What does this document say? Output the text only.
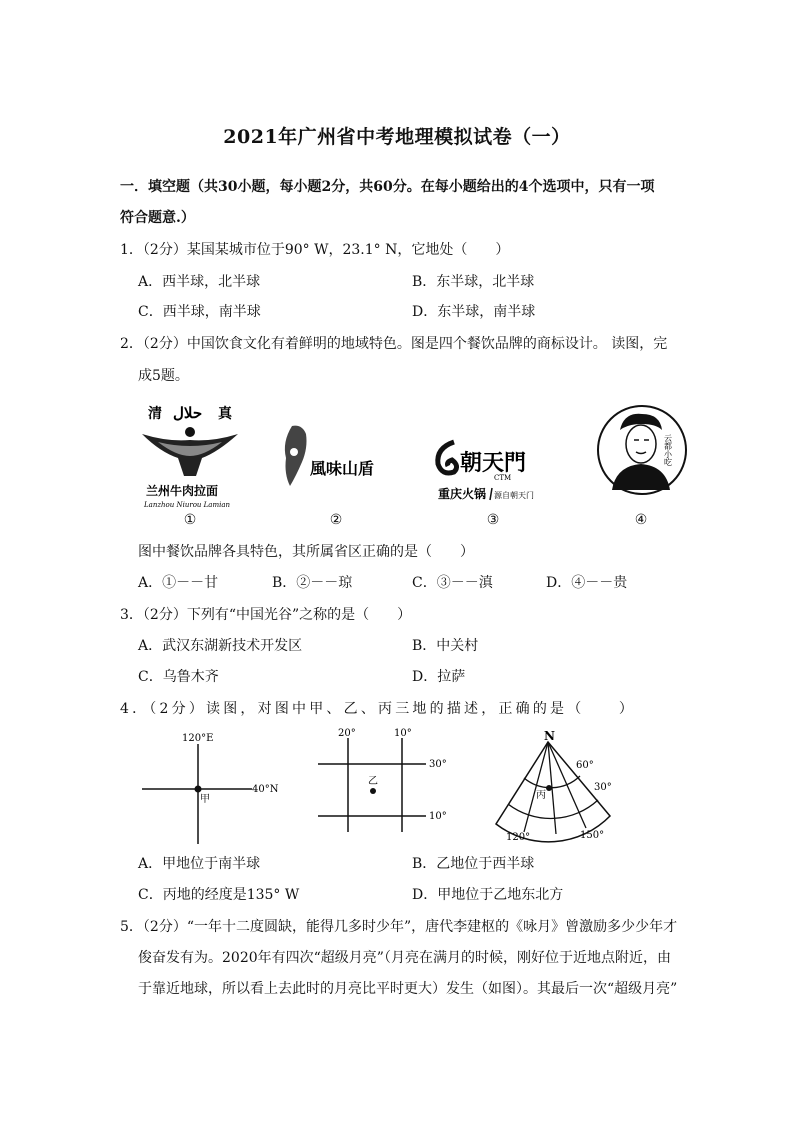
2021年广州省中考地理模拟试卷（一）
一．填空题（共30小题，每小题2分，共60分。在每小题给出的4个选项中，只有一项
符合题意.）
1．（2分）某国某城市位于90° W，23.1° N，它地处（　　）
A．西半球，北半球	B．东半球，北半球
C．西半球，南半球	D．东半球，南半球
2．（2分）中国饮食文化有着鲜明的地域特色。图是四个餐饮品牌的商标设计。 读图，完
成5题。
清 حلال 真
兰州牛肉拉面
Lanzhou Niurou Lamian
①
風味山盾
②
朝天門
CTM
重庆火锅 源自朝天门
③
云都小吃
④
图中餐饮品牌各具特色，其所属省区正确的是（　　）
A．①－－甘	B．②－－琼	C．③－－滇	D．④－－贵
3．（2分）下列有“中国光谷”之称的是（　　）
A．武汉东湖新技术开发区	B．中关村
C．乌鲁木齐	D．拉萨
4．（2分）读图，对图中甲、乙、丙三地的描述，正确的是（　　）
120°E
40°N
甲
20°	10°
30°
10°
乙
N
60°
30°
120°	150°
丙
A．甲地位于南半球	B．乙地位于西半球
C．丙地的经度是135° W	D．甲地位于乙地东北方
5．（2分）“一年十二度圆缺，能得几多时少年”，唐代李建枢的《咏月》曾激励多少少年才
俊奋发有为。2020年有四次“超级月亮”（月亮在满月的时候，刚好位于近地点附近，由
于靠近地球，所以看上去此时的月亮比平时更大）发生（如图）。其最后一次“超级月亮”
